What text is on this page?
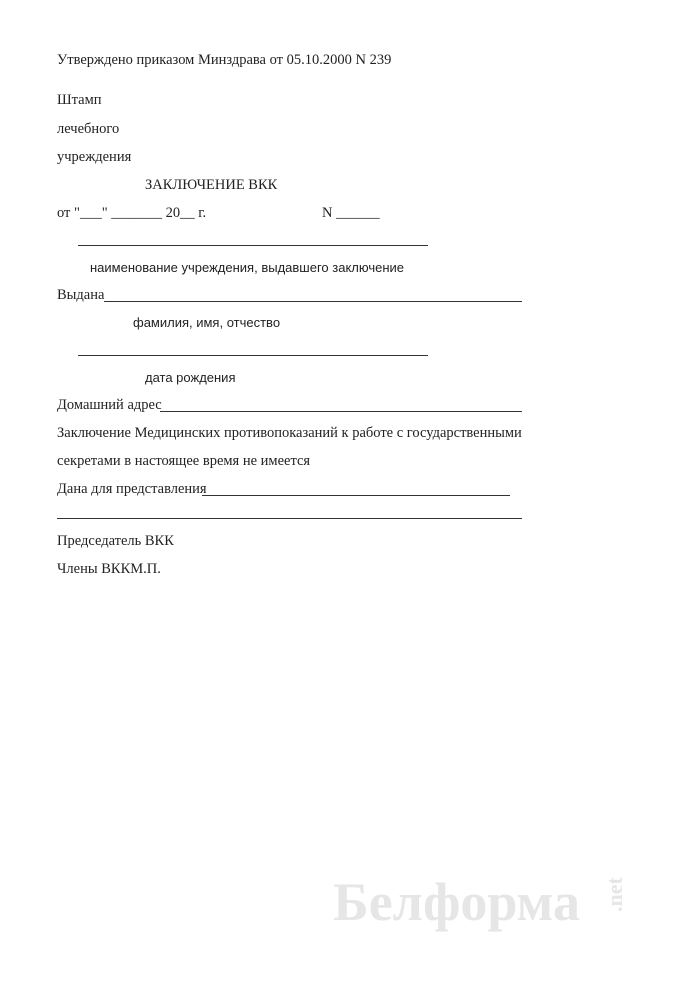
Утверждено приказом Минздрава от 05.10.2000 N 239
Штамп
лечебного
учреждения
ЗАКЛЮЧЕНИЕ ВКК
от "___" _______ 20__ г.	N ______
наименование учреждения, выдавшего заключение
Выдана
фамилия, имя, отчество
дата рождения
Домашний адрес
Заключение Медицинских противопоказаний к работе с государственными
секретами в настоящее время не имеется
Дана для представления
Председатель ВКК
Члены ВККМ.П.
Белформа .net
